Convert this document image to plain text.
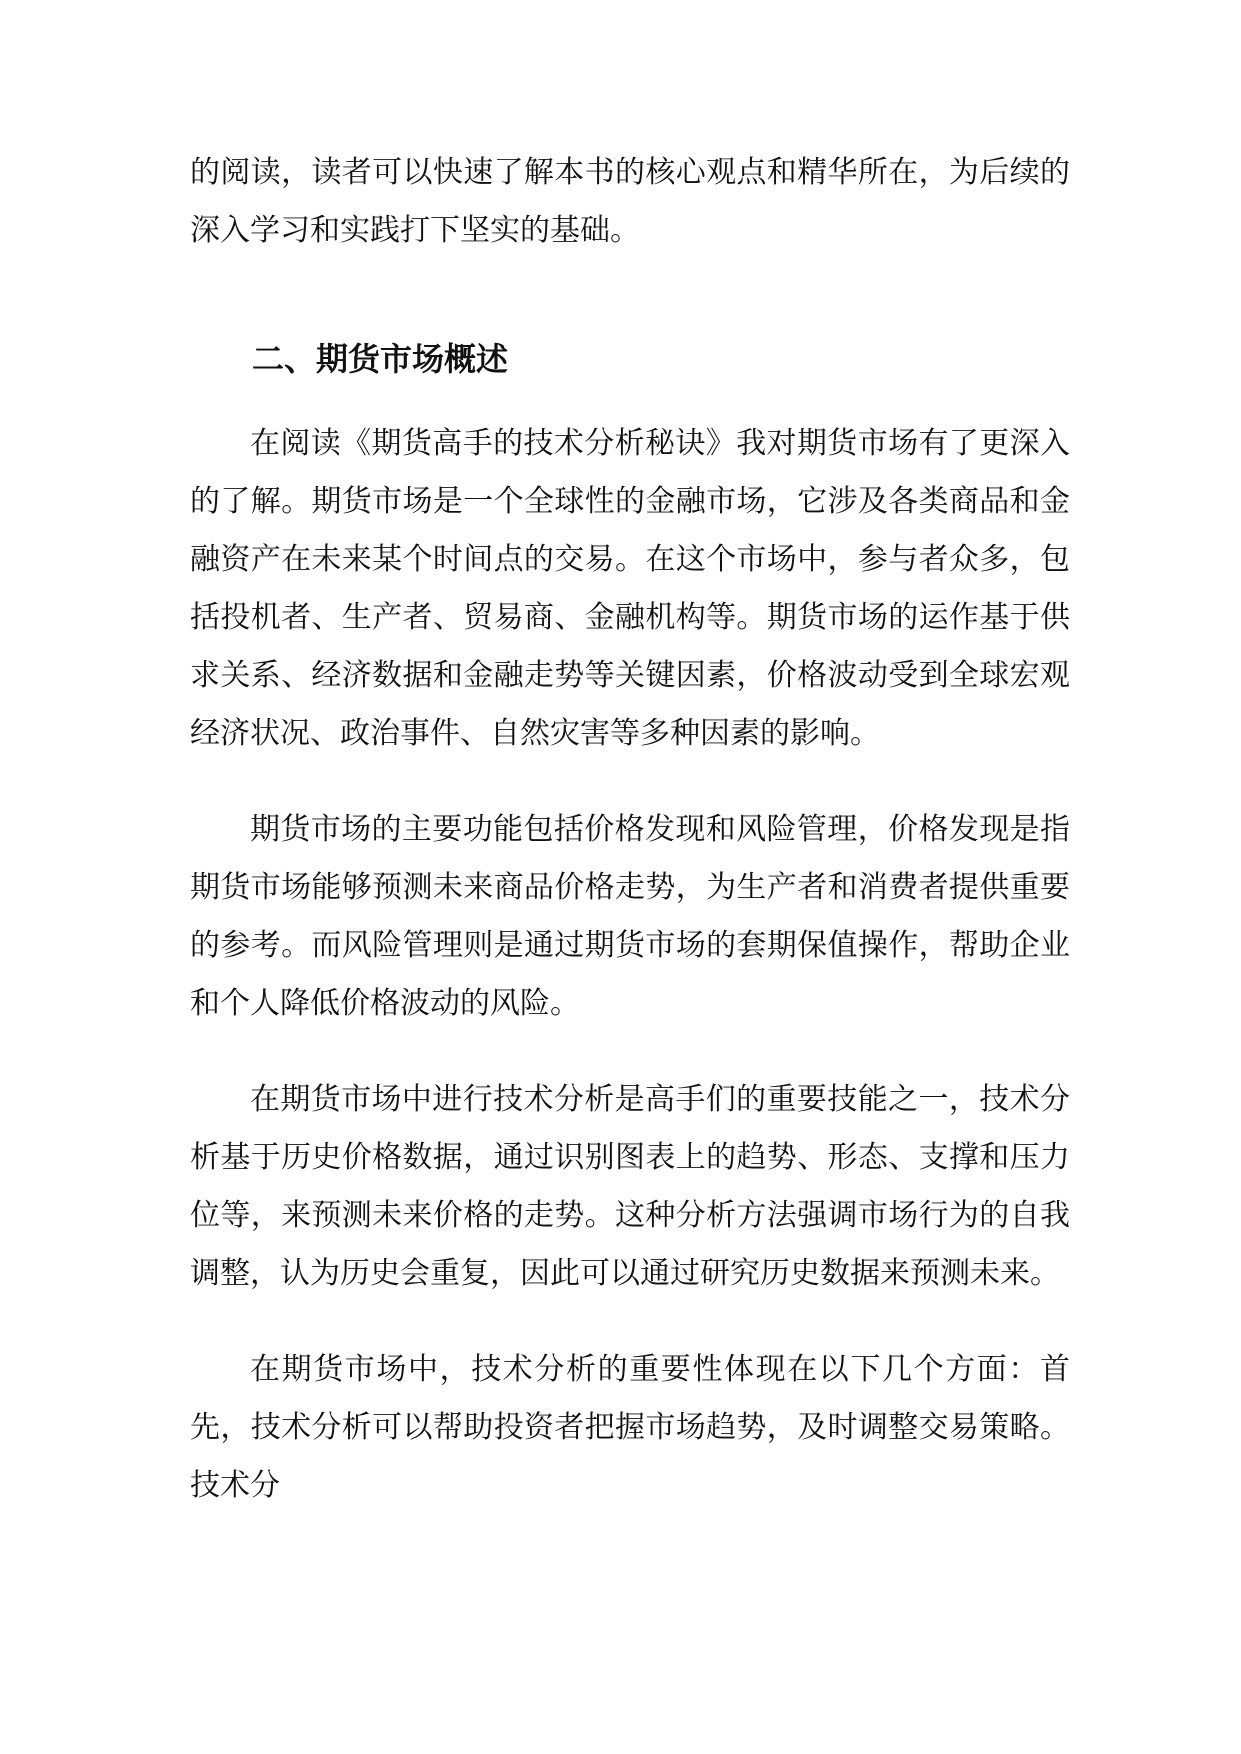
的阅读，读者可以快速了解本书的核心观点和精华所在，为后续的深入学习和实践打下坚实的基础。

二、期货市场概述

在阅读《期货高手的技术分析秘诀》我对期货市场有了更深入的了解。期货市场是一个全球性的金融市场，它涉及各类商品和金融资产在未来某个时间点的交易。在这个市场中，参与者众多，包括投机者、生产者、贸易商、金融机构等。期货市场的运作基于供求关系、经济数据和金融走势等关键因素，价格波动受到全球宏观经济状况、政治事件、自然灾害等多种因素的影响。

期货市场的主要功能包括价格发现和风险管理，价格发现是指期货市场能够预测未来商品价格走势，为生产者和消费者提供重要的参考。而风险管理则是通过期货市场的套期保值操作，帮助企业和个人降低价格波动的风险。

在期货市场中进行技术分析是高手们的重要技能之一，技术分析基于历史价格数据，通过识别图表上的趋势、形态、支撑和压力位等，来预测未来价格的走势。这种分析方法强调市场行为的自我调整，认为历史会重复，因此可以通过研究历史数据来预测未来。

在期货市场中，技术分析的重要性体现在以下几个方面：首先，技术分析可以帮助投资者把握市场趋势，及时调整交易策略。技术分
